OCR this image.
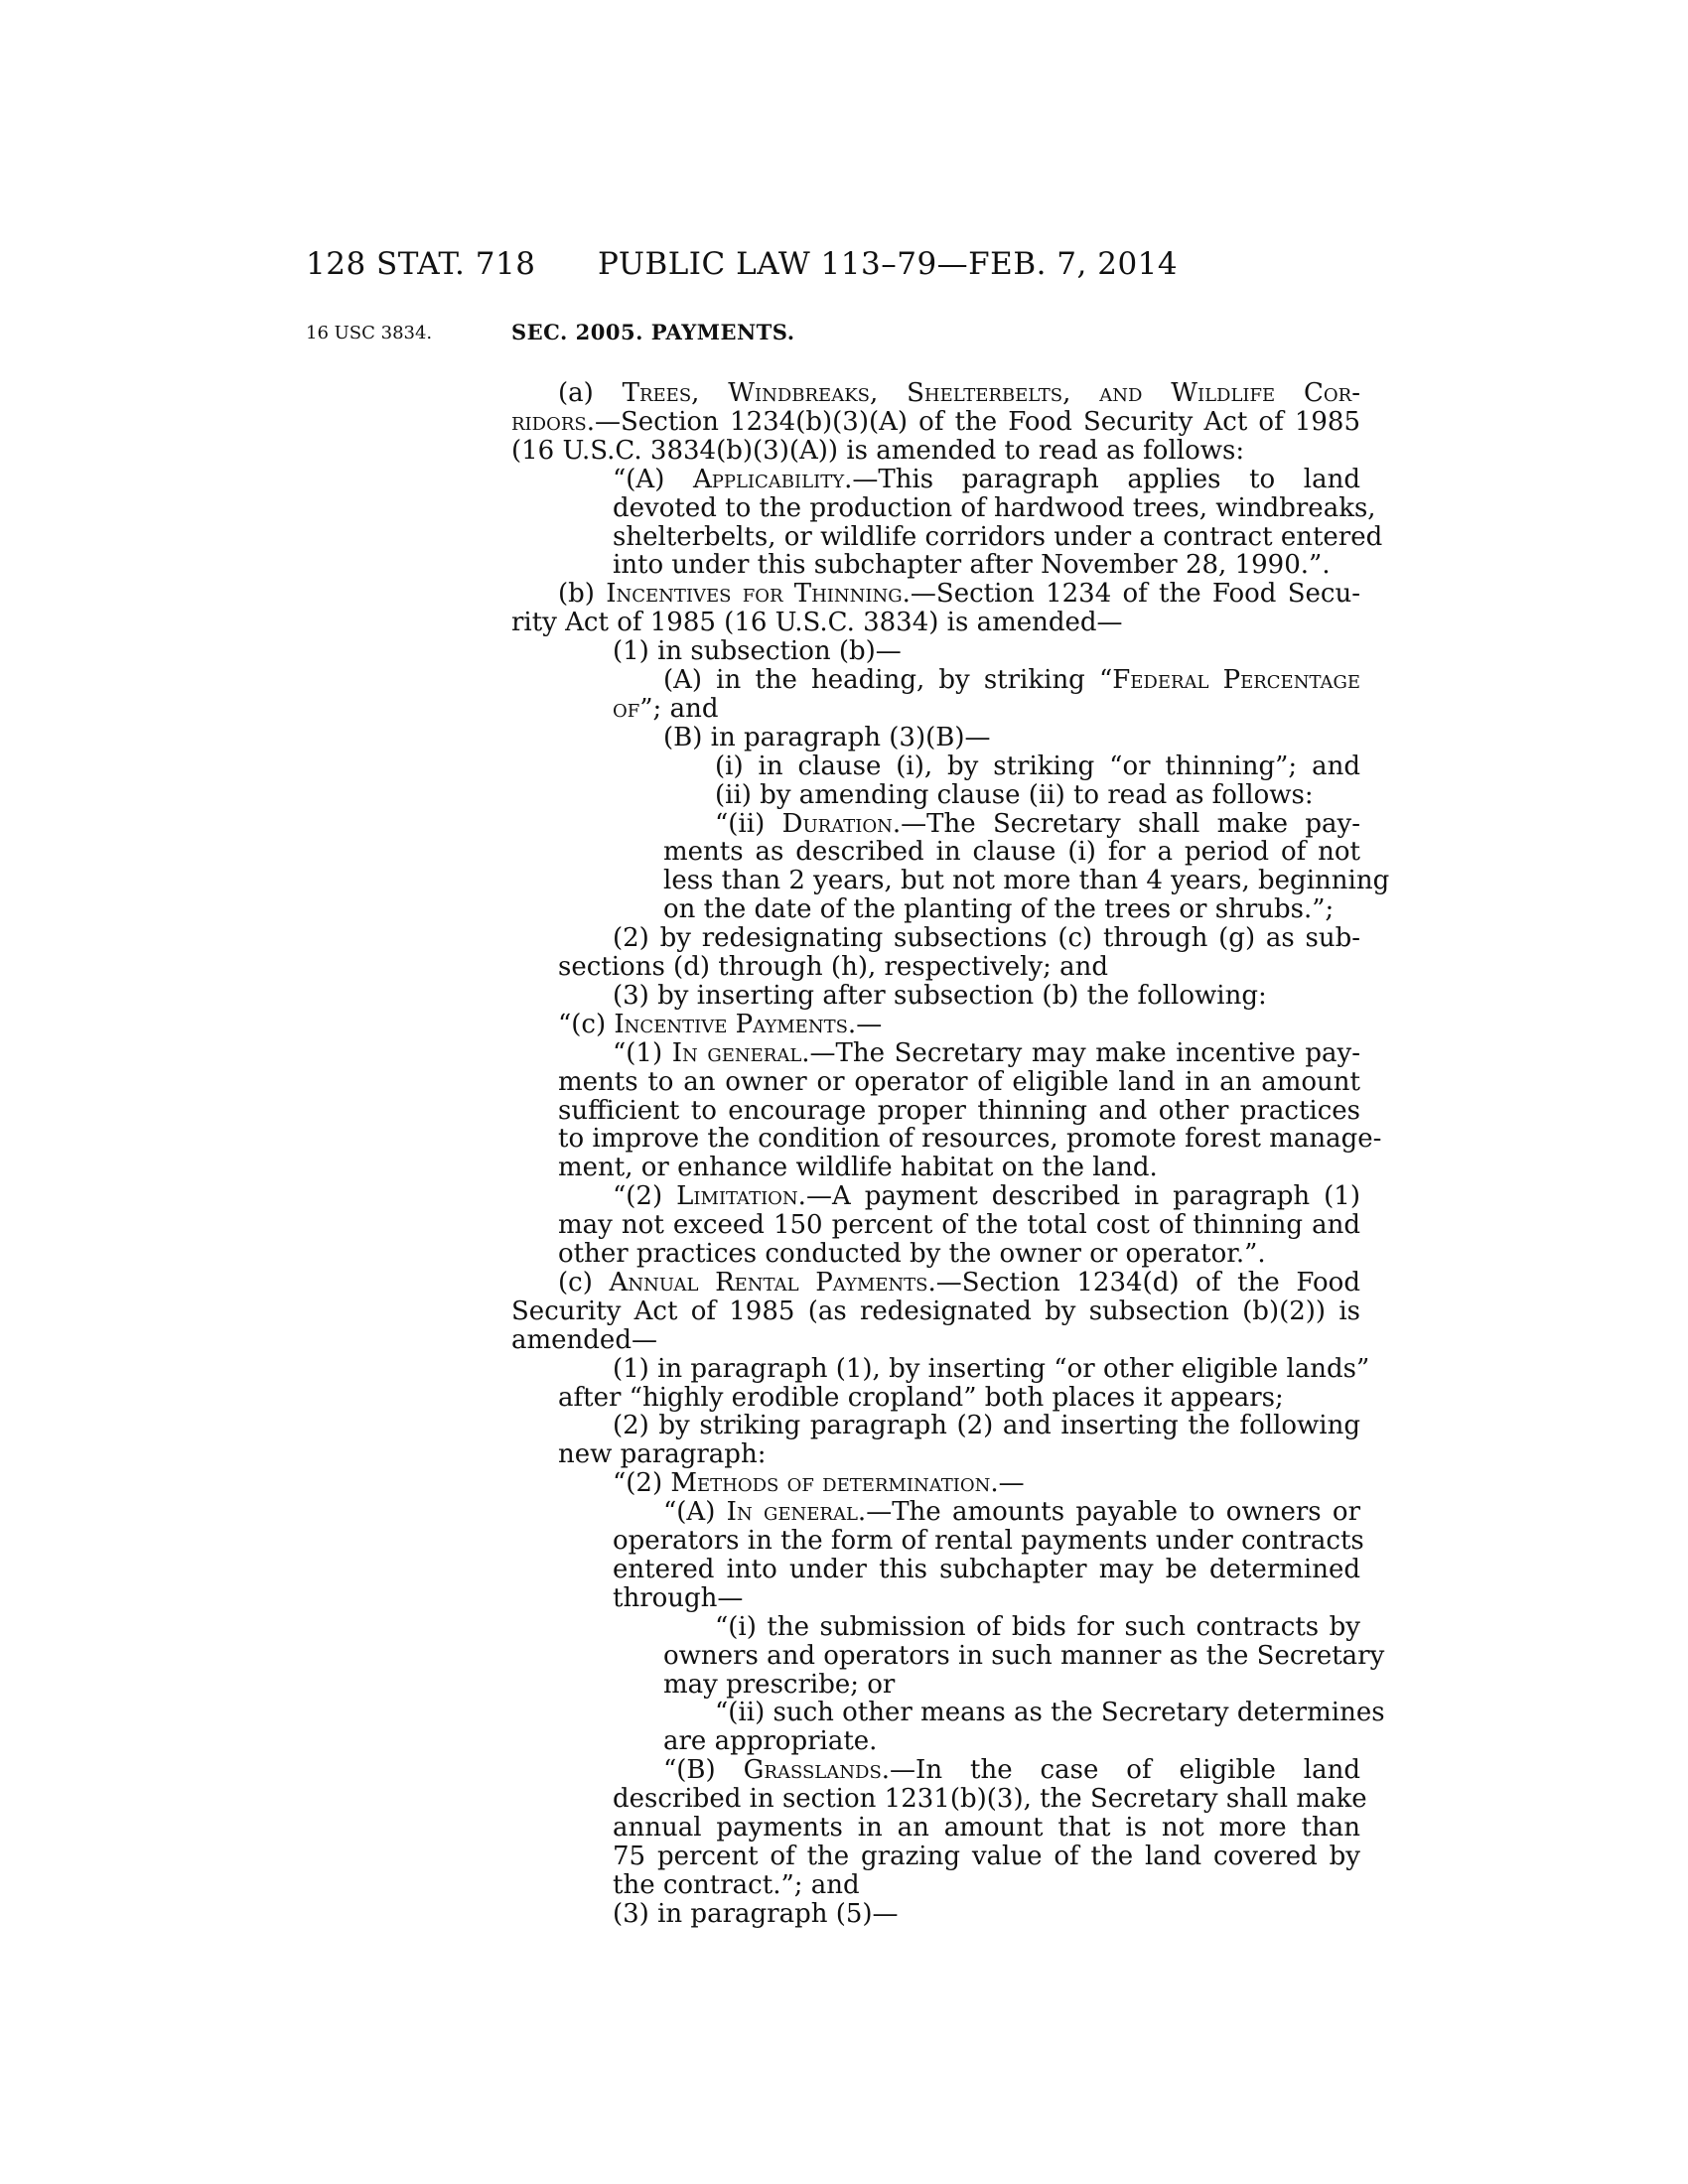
128 STAT. 718 PUBLIC LAW 113–79—FEB. 7, 2014
16 USC 3834.	SEC. 2005. PAYMENTS.
(a) Trees, Windbreaks, Shelterbelts, and Wildlife Cor-
ridors.—Section 1234(b)(3)(A) of the Food Security Act of 1985
(16 U.S.C. 3834(b)(3)(A)) is amended to read as follows:
“(A) Applicability.—This paragraph applies to land
devoted to the production of hardwood trees, windbreaks,
shelterbelts, or wildlife corridors under a contract entered
into under this subchapter after November 28, 1990.”.
(b) Incentives for Thinning.—Section 1234 of the Food Secu-
rity Act of 1985 (16 U.S.C. 3834) is amended—
(1) in subsection (b)—
(A) in the heading, by striking “Federal Percentage
of”; and
(B) in paragraph (3)(B)—
(i) in clause (i), by striking “or thinning”; and
(ii) by amending clause (ii) to read as follows:
“(ii) Duration.—The Secretary shall make pay-
ments as described in clause (i) for a period of not
less than 2 years, but not more than 4 years, beginning
on the date of the planting of the trees or shrubs.”;
(2) by redesignating subsections (c) through (g) as sub-
sections (d) through (h), respectively; and
(3) by inserting after subsection (b) the following:
“(c) Incentive Payments.—
“(1) In general.—The Secretary may make incentive pay-
ments to an owner or operator of eligible land in an amount
sufficient to encourage proper thinning and other practices
to improve the condition of resources, promote forest manage-
ment, or enhance wildlife habitat on the land.
“(2) Limitation.—A payment described in paragraph (1)
may not exceed 150 percent of the total cost of thinning and
other practices conducted by the owner or operator.”.
(c) Annual Rental Payments.—Section 1234(d) of the Food
Security Act of 1985 (as redesignated by subsection (b)(2)) is
amended—
(1) in paragraph (1), by inserting “or other eligible lands”
after “highly erodible cropland” both places it appears;
(2) by striking paragraph (2) and inserting the following
new paragraph:
“(2) Methods of determination.—
“(A) In general.—The amounts payable to owners or
operators in the form of rental payments under contracts
entered into under this subchapter may be determined
through—
“(i) the submission of bids for such contracts by
owners and operators in such manner as the Secretary
may prescribe; or
“(ii) such other means as the Secretary determines
are appropriate.
“(B) Grasslands.—In the case of eligible land
described in section 1231(b)(3), the Secretary shall make
annual payments in an amount that is not more than
75 percent of the grazing value of the land covered by
the contract.”; and
(3) in paragraph (5)—
